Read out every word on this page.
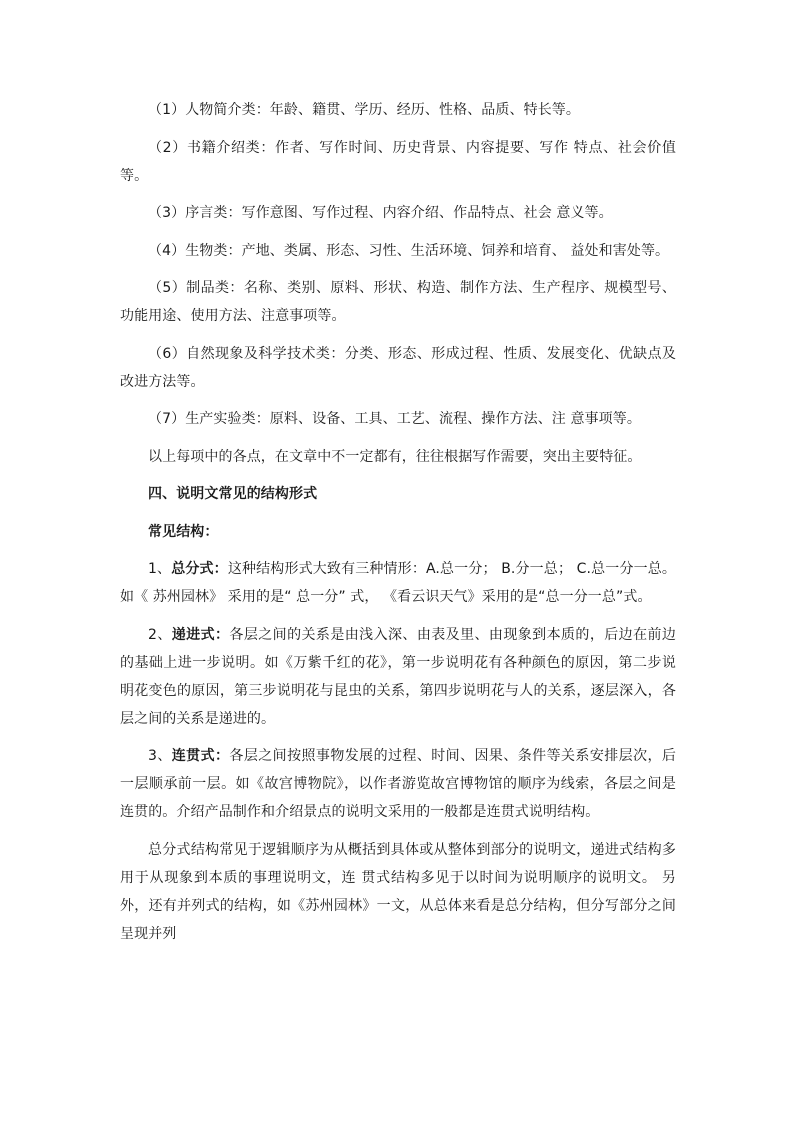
（1）人物简介类：年龄、籍贯、学历、经历、性格、品质、特长等。

（2）书籍介绍类：作者、写作时间、历史背景、内容提要、写作 特点、社会价值等。

（3）序言类：写作意图、写作过程、内容介绍、作品特点、社会 意义等。

（4）生物类：产地、类属、形态、习性、生活环境、饲养和培育、 益处和害处等。

（5）制品类：名称、类别、原料、形状、构造、制作方法、生产程序、规模型号、功能用途、使用方法、注意事项等。

（6）自然现象及科学技术类：分类、形态、形成过程、性质、发展变化、优缺点及改进方法等。

（7）生产实验类：原料、设备、工具、工艺、流程、操作方法、注 意事项等。

以上每项中的各点，在文章中不一定都有，往往根据写作需要，突出主要特征。

四、说明文常见的结构形式

常见结构：

1、总分式：这种结构形式大致有三种情形：A.总一分； B.分一总； C.总一分一总。如《 苏州园林》 采用的是“ 总一分” 式， 《看云识天气》采用的是“总一分一总”式。

2、递进式：各层之间的关系是由浅入深、由表及里、由现象到本质的，后边在前边的基础上进一步说明。如《万紫千红的花》，第一步说明花有各种颜色的原因，第二步说明花变色的原因，第三步说明花与昆虫的关系，第四步说明花与人的关系，逐层深入，各层之间的关系是递进的。

3、连贯式：各层之间按照事物发展的过程、时间、因果、条件等关系安排层次，后一层顺承前一层。如《故宫博物院》，以作者游览故宫博物馆的顺序为线索，各层之间是连贯的。介绍产品制作和介绍景点的说明文采用的一般都是连贯式说明结构。

总分式结构常见于逻辑顺序为从概括到具体或从整体到部分的说明文，递进式结构多用于从现象到本质的事理说明文，连 贯式结构多见于以时间为说明顺序的说明文。 另外，还有并列式的结构，如《苏州园林》一文，从总体来看是总分结构，但分写部分之间呈现并列
